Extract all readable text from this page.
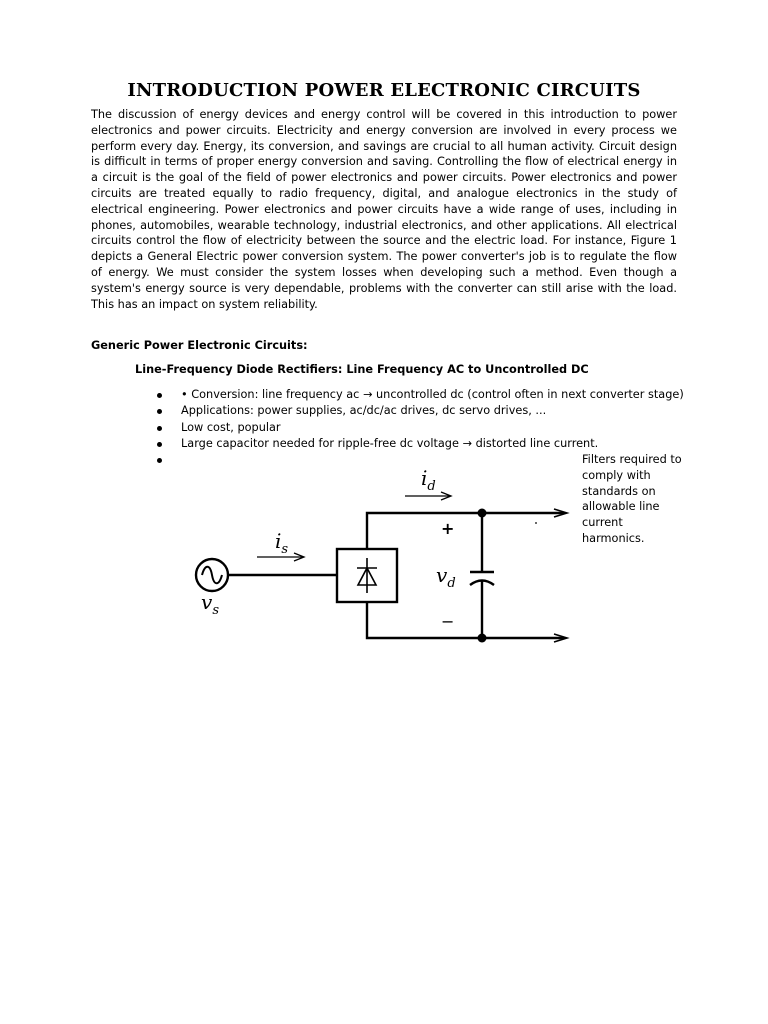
INTRODUCTION POWER ELECTRONIC CIRCUITS

The discussion of energy devices and energy control will be covered in this introduction to power electronics and power circuits. Electricity and energy conversion are involved in every process we perform every day. Energy, its conversion, and savings are crucial to all human activity. Circuit design is difficult in terms of proper energy conversion and saving. Controlling the flow of electrical energy in a circuit is the goal of the field of power electronics and power circuits. Power electronics and power circuits are treated equally to radio frequency, digital, and analogue electronics in the study of electrical engineering. Power electronics and power circuits have a wide range of uses, including in phones, automobiles, wearable technology, industrial electronics, and other applications. All electrical circuits control the flow of electricity between the source and the electric load. For instance, Figure 1 depicts a General Electric power conversion system. The power converter's job is to regulate the flow of energy. We must consider the system losses when developing such a method. Even though a system's energy source is very dependable, problems with the converter can still arise with the load. This has an impact on system reliability.

Generic Power Electronic Circuits:

Line-Frequency Diode Rectifiers: Line Frequency AC to Uncontrolled DC

• Conversion: line frequency ac → uncontrolled dc (control often in next converter stage)
Applications: power supplies, ac/dc/ac drives, dc servo drives, ...
Low cost, popular
Large capacitor needed for ripple-free dc voltage → distorted line current.

Filters required to comply with standards on allowable line current harmonics.

$i_s$
$v_s$
$i_d$
$v_d$
+
−
